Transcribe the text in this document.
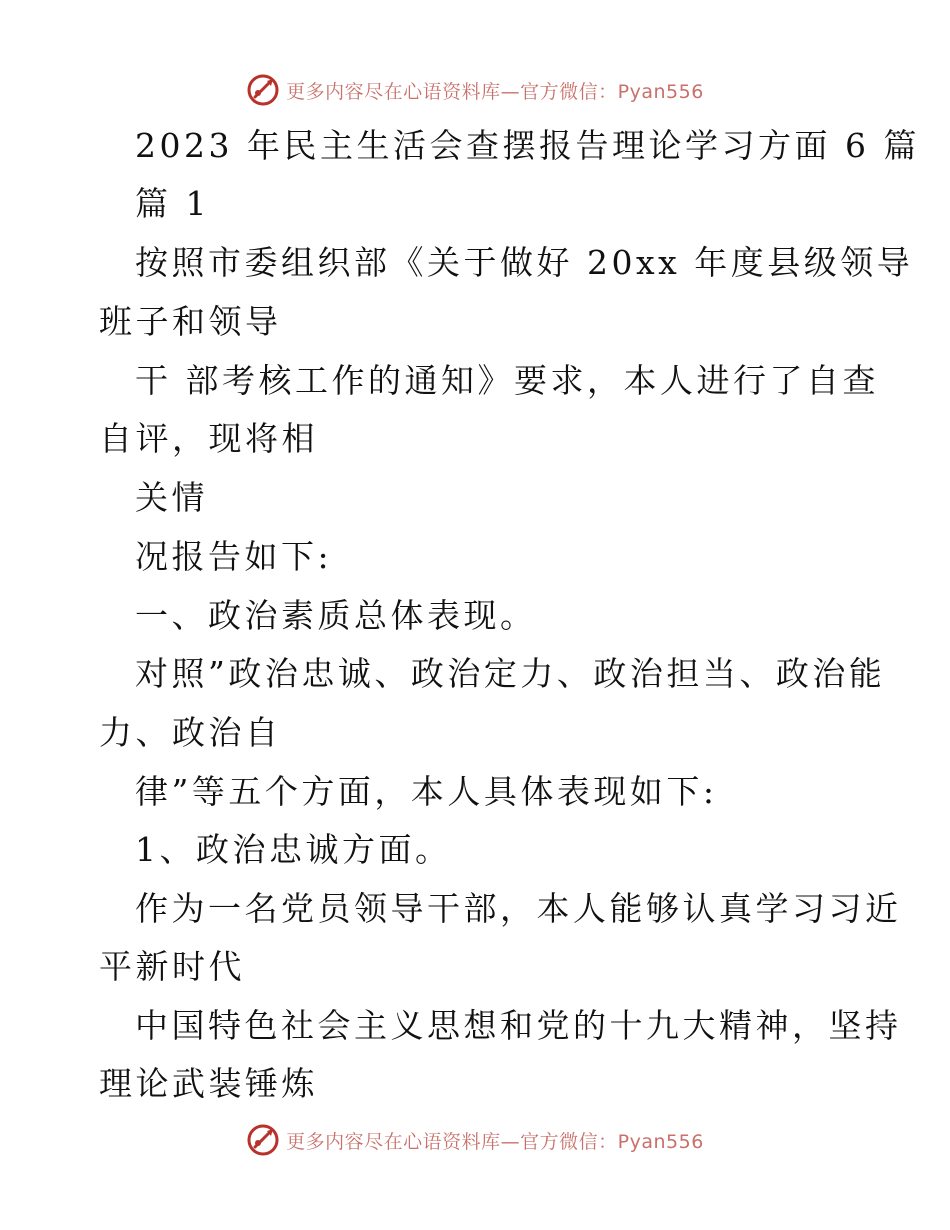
更多内容尽在心语资料库—官方微信：Pyan556
2023 年民主生活会查摆报告理论学习方面 6 篇
篇 1
按照市委组织部《关于做好 20xx 年度县级领导
班子和领导
干 部考核工作的通知》要求，本人进行了自查
自评，现将相
关情
况报告如下:
一、政治素质总体表现。
对照”政治忠诚、政治定力、政治担当、政治能
力、政治自
律”等五个方面，本人具体表现如下:
1、政治忠诚方面。
作为一名党员领导干部，本人能够认真学习习近
平新时代
中国特色社会主义思想和党的十九大精神，坚持
理论武装锤炼
更多内容尽在心语资料库—官方微信：Pyan556
